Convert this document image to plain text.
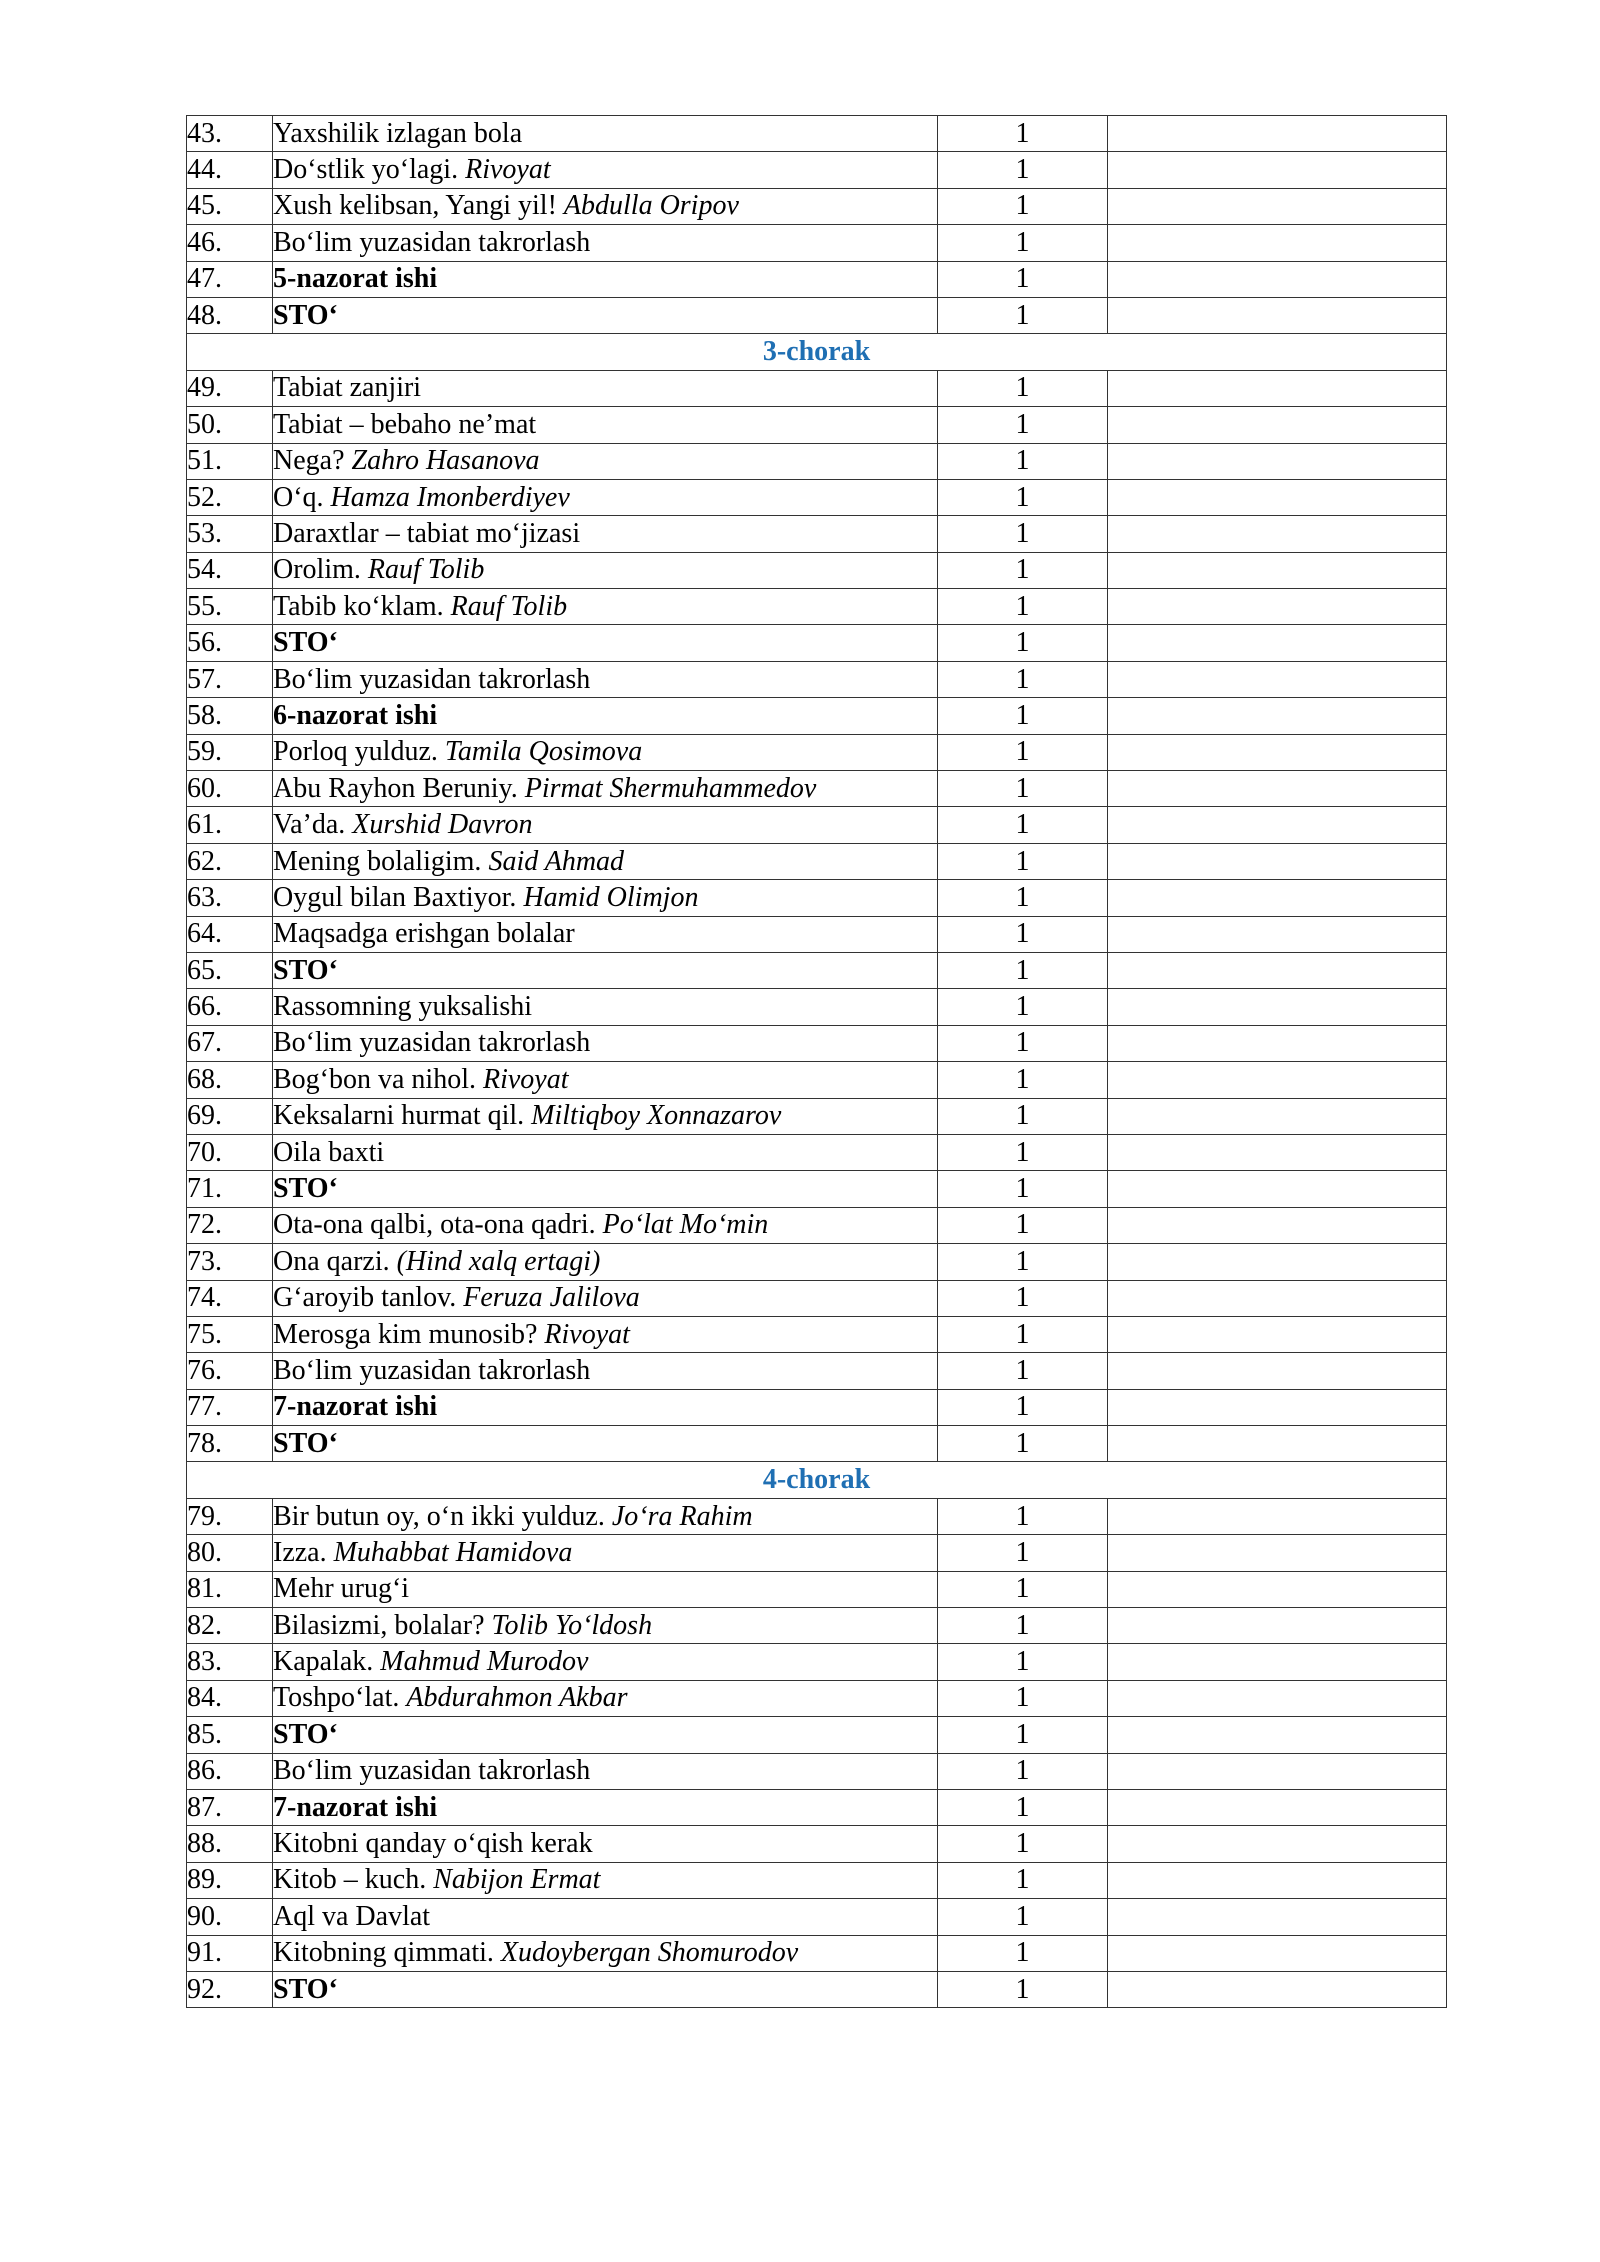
43.	Yaxshilik izlagan bola	1	
44.	Do‘stlik yo‘lagi. Rivoyat	1	
45.	Xush kelibsan, Yangi yil! Abdulla Oripov	1	
46.	Bo‘lim yuzasidan takrorlash	1	
47.	5-nazorat ishi	1	
48.	STO‘	1	
3-chorak			
49.	Tabiat zanjiri	1	
50.	Tabiat – bebaho ne’mat	1	
51.	Nega? Zahro Hasanova	1	
52.	O‘q. Hamza Imonberdiyev	1	
53.	Daraxtlar – tabiat mo‘jizasi	1	
54.	Orolim. Rauf Tolib	1	
55.	Tabib ko‘klam. Rauf Tolib	1	
56.	STO‘	1	
57.	Bo‘lim yuzasidan takrorlash	1	
58.	6-nazorat ishi	1	
59.	Porloq yulduz. Tamila Qosimova	1	
60.	Abu Rayhon Beruniy. Pirmat Shermuhammedov	1	
61.	Va’da. Xurshid Davron	1	
62.	Mening bolaligim. Said Ahmad	1	
63.	Oygul bilan Baxtiyor. Hamid Olimjon	1	
64.	Maqsadga erishgan bolalar	1	
65.	STO‘	1	
66.	Rassomning yuksalishi	1	
67.	Bo‘lim yuzasidan takrorlash	1	
68.	Bog‘bon va nihol. Rivoyat	1	
69.	Keksalarni hurmat qil. Miltiqboy Xonnazarov	1	
70.	Oila baxti	1	
71.	STO‘	1	
72.	Ota-ona qalbi, ota-ona qadri. Po‘lat Mo‘min	1	
73.	Ona qarzi. (Hind xalq ertagi)	1	
74.	G‘aroyib tanlov. Feruza Jalilova	1	
75.	Merosga kim munosib? Rivoyat	1	
76.	Bo‘lim yuzasidan takrorlash	1	
77.	7-nazorat ishi	1	
78.	STO‘	1	
4-chorak			
79.	Bir butun oy, o‘n ikki yulduz. Jo‘ra Rahim	1	
80.	Izza. Muhabbat Hamidova	1	
81.	Mehr urug‘i	1	
82.	Bilasizmi, bolalar? Tolib Yo‘ldosh	1	
83.	Kapalak. Mahmud Murodov	1	
84.	Toshpo‘lat. Abdurahmon Akbar	1	
85.	STO‘	1	
86.	Bo‘lim yuzasidan takrorlash	1	
87.	7-nazorat ishi	1	
88.	Kitobni qanday o‘qish kerak	1	
89.	Kitob – kuch. Nabijon Ermat	1	
90.	Aql va Davlat	1	
91.	Kitobning qimmati. Xudoybergan Shomurodov	1	
92.	STO‘	1	
